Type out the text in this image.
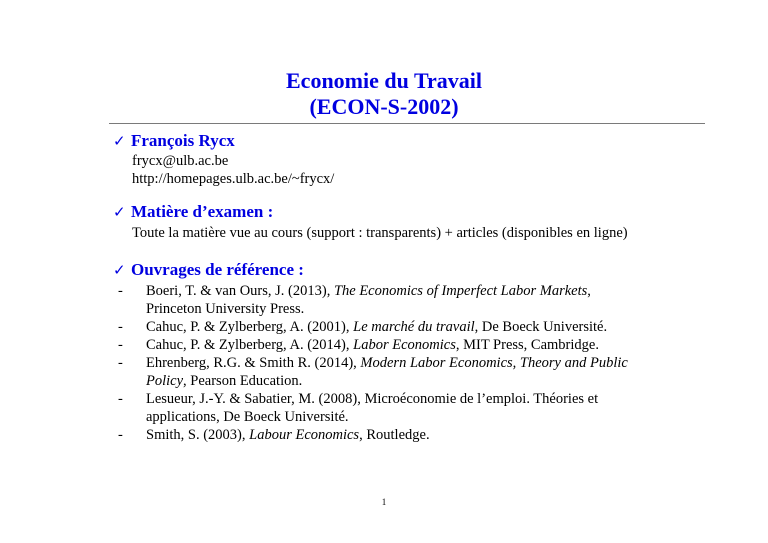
Economie du Travail
(ECON-S-2002)
✓ François Rycx
frycx@ulb.ac.be
http://homepages.ulb.ac.be/~frycx/
✓ Matière d’examen :
Toute la matière vue au cours (support : transparents) + articles (disponibles en ligne)
✓ Ouvrages de référence :
- Boeri, T. & van Ours, J. (2013), The Economics of Imperfect Labor Markets,
Princeton University Press.
- Cahuc, P. & Zylberberg, A. (2001), Le marché du travail, De Boeck Université.
- Cahuc, P. & Zylberberg, A. (2014), Labor Economics, MIT Press, Cambridge.
- Ehrenberg, R.G. & Smith R. (2014), Modern Labor Economics, Theory and Public
Policy, Pearson Education.
- Lesueur, J.-Y. & Sabatier, M. (2008), Microéconomie de l’emploi. Théories et
applications, De Boeck Université.
- Smith, S. (2003), Labour Economics, Routledge.
1
